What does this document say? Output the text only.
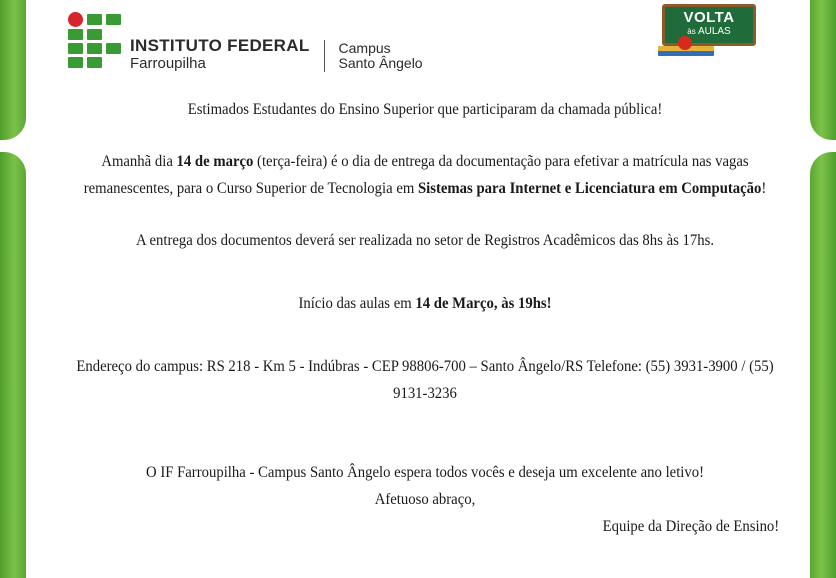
INSTITUTO FEDERAL
Farroupilha
Campus
Santo Ângelo
VOLTA
às AULAS

Estimados Estudantes do Ensino Superior que participaram da chamada pública!

Amanhã dia 14 de março (terça-feira) é o dia de entrega da documentação para efetivar a matrícula nas vagas remanescentes, para o Curso Superior de Tecnologia em Sistemas para Internet e Licenciatura em Computação!

A entrega dos documentos deverá ser realizada no setor de Registros Acadêmicos das 8hs às 17hs.

Início das aulas em 14 de Março, às 19hs!

Endereço do campus: RS 218 - Km 5 - Indúbras - CEP 98806-700 – Santo Ângelo/RS Telefone: (55) 3931-3900 / (55) 9131-3236

O IF Farroupilha - Campus Santo Ângelo espera todos vocês e deseja um excelente ano letivo!

Afetuoso abraço,

Equipe da Direção de Ensino!
